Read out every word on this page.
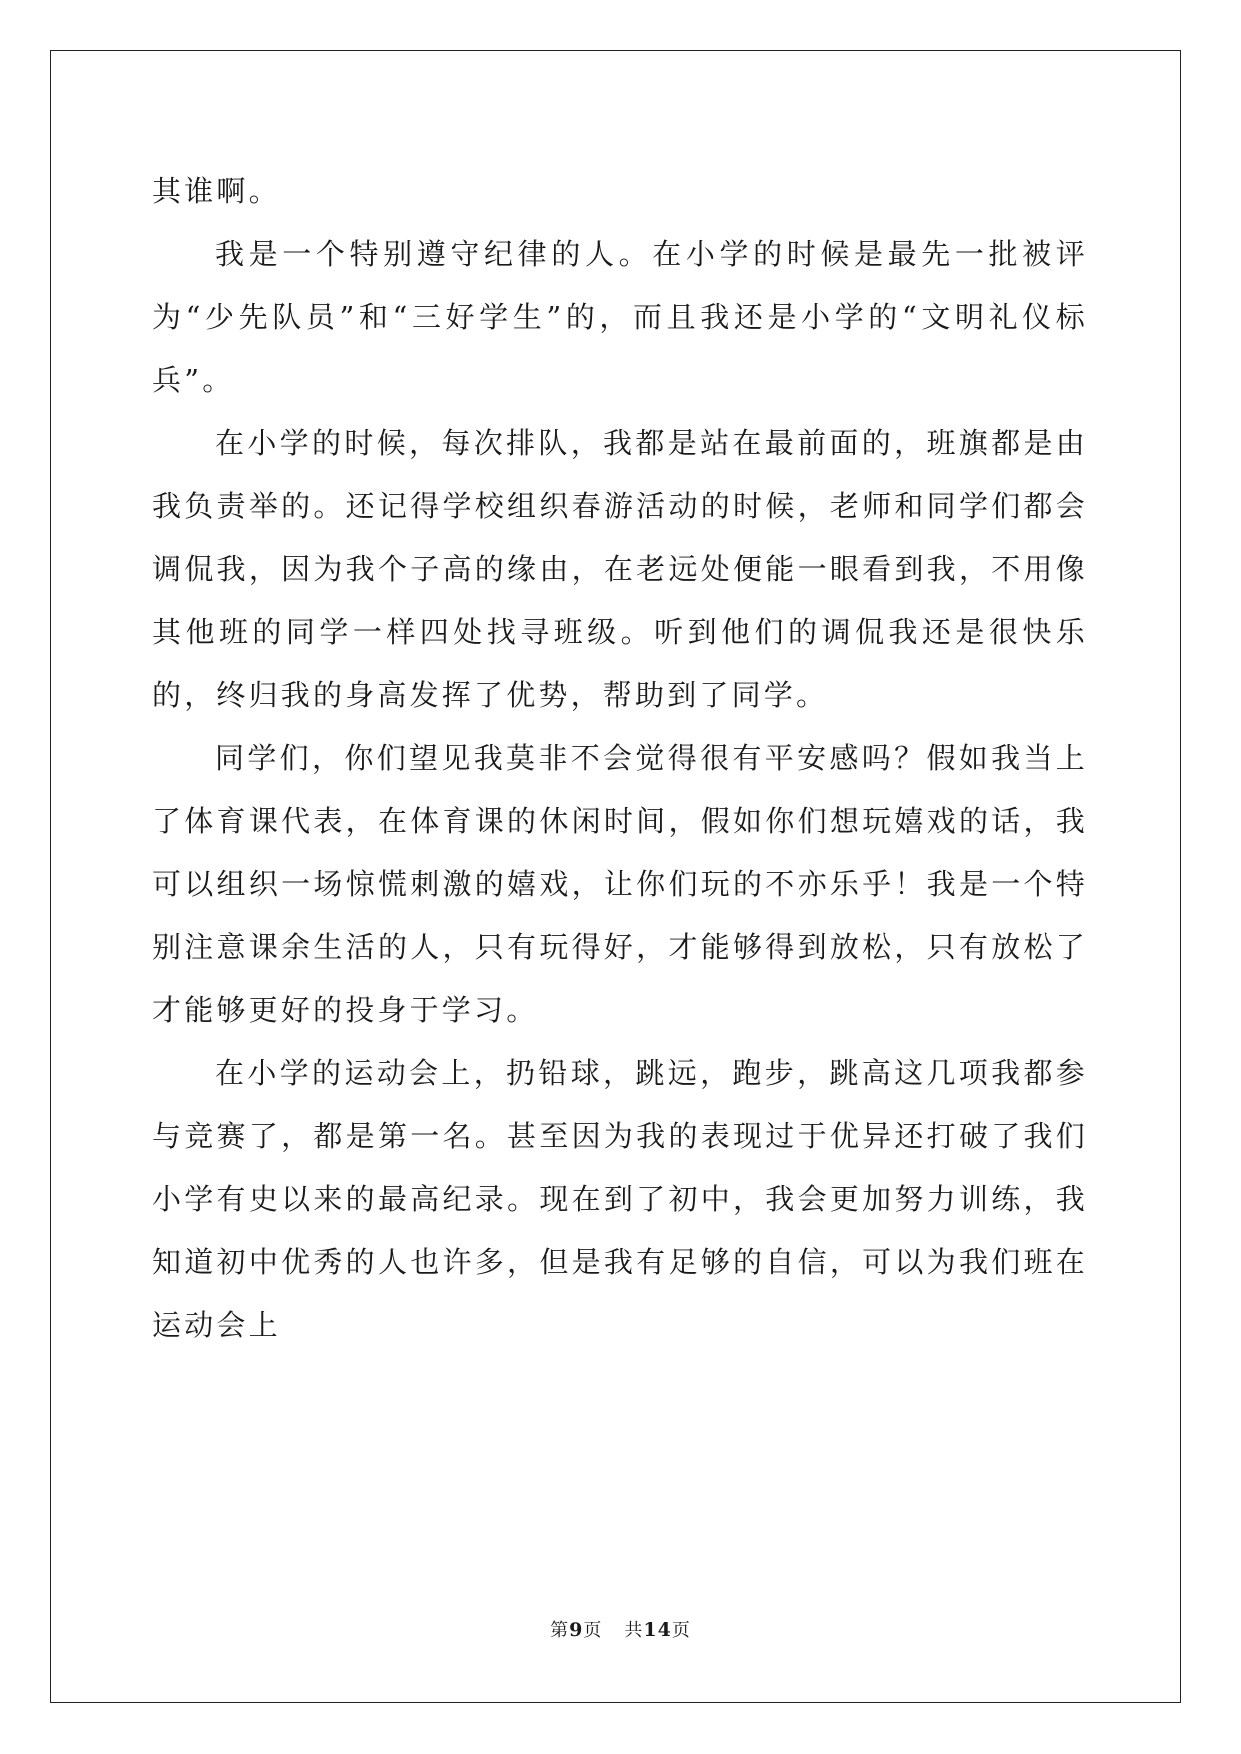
其谁啊。

我是一个特别遵守纪律的人。在小学的时候是最先一批被评为“少先队员”和“三好学生”的，而且我还是小学的“文明礼仪标兵”。

在小学的时候，每次排队，我都是站在最前面的，班旗都是由我负责举的。还记得学校组织春游活动的时候，老师和同学们都会调侃我，因为我个子高的缘由，在老远处便能一眼看到我，不用像其他班的同学一样四处找寻班级。听到他们的调侃我还是很快乐的，终归我的身高发挥了优势，帮助到了同学。

同学们，你们望见我莫非不会觉得很有平安感吗？假如我当上了体育课代表，在体育课的休闲时间，假如你们想玩嬉戏的话，我可以组织一场惊慌刺激的嬉戏，让你们玩的不亦乐乎！我是一个特别注意课余生活的人，只有玩得好，才能够得到放松，只有放松了才能够更好的投身于学习。

在小学的运动会上，扔铅球，跳远，跑步，跳高这几项我都参与竞赛了，都是第一名。甚至因为我的表现过于优异还打破了我们小学有史以来的最高纪录。现在到了初中，我会更加努力训练，我知道初中优秀的人也许多，但是我有足够的自信，可以为我们班在运动会上

第9页 共14页
